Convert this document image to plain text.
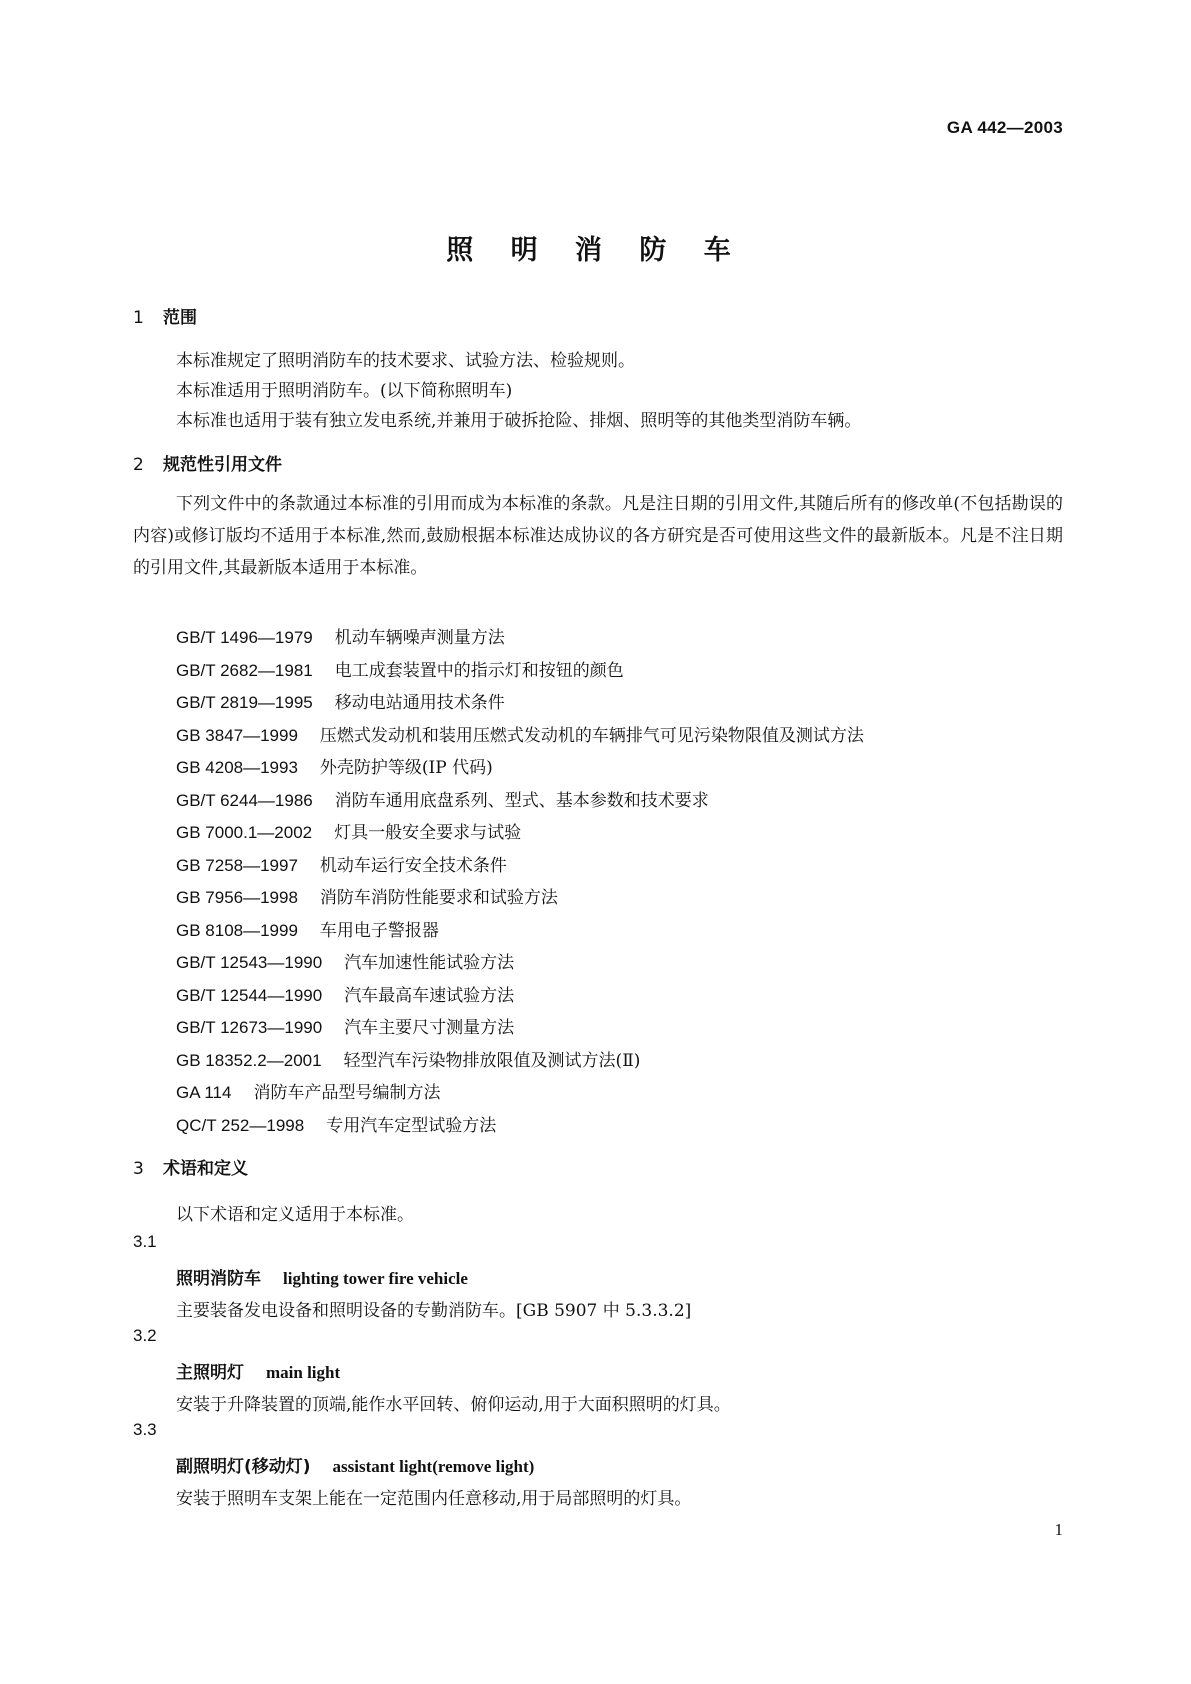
GA 442—2003
照 明 消 防 车
1 范围
本标准规定了照明消防车的技术要求、试验方法、检验规则。
本标准适用于照明消防车。(以下简称照明车)
本标准也适用于装有独立发电系统,并兼用于破拆抢险、排烟、照明等的其他类型消防车辆。
2 规范性引用文件
下列文件中的条款通过本标准的引用而成为本标准的条款。凡是注日期的引用文件,其随后所有的修改单(不包括勘误的内容)或修订版均不适用于本标准,然而,鼓励根据本标准达成协议的各方研究是否可使用这些文件的最新版本。凡是不注日期的引用文件,其最新版本适用于本标准。
GB/T 1496—1979 机动车辆噪声测量方法
GB/T 2682—1981 电工成套装置中的指示灯和按钮的颜色
GB/T 2819—1995 移动电站通用技术条件
GB 3847—1999 压燃式发动机和装用压燃式发动机的车辆排气可见污染物限值及测试方法
GB 4208—1993 外壳防护等级(IP 代码)
GB/T 6244—1986 消防车通用底盘系列、型式、基本参数和技术要求
GB 7000.1—2002 灯具一般安全要求与试验
GB 7258—1997 机动车运行安全技术条件
GB 7956—1998 消防车消防性能要求和试验方法
GB 8108—1999 车用电子警报器
GB/T 12543—1990 汽车加速性能试验方法
GB/T 12544—1990 汽车最高车速试验方法
GB/T 12673—1990 汽车主要尺寸测量方法
GB 18352.2—2001 轻型汽车污染物排放限值及测试方法(Ⅱ)
GA 114 消防车产品型号编制方法
QC/T 252—1998 专用汽车定型试验方法
3 术语和定义
以下术语和定义适用于本标准。
3.1
照明消防车 lighting tower fire vehicle
主要装备发电设备和照明设备的专勤消防车。[GB 5907 中 5.3.3.2]
3.2
主照明灯 main light
安装于升降装置的顶端,能作水平回转、俯仰运动,用于大面积照明的灯具。
3.3
副照明灯(移动灯) assistant light(remove light)
安装于照明车支架上能在一定范围内任意移动,用于局部照明的灯具。
1
